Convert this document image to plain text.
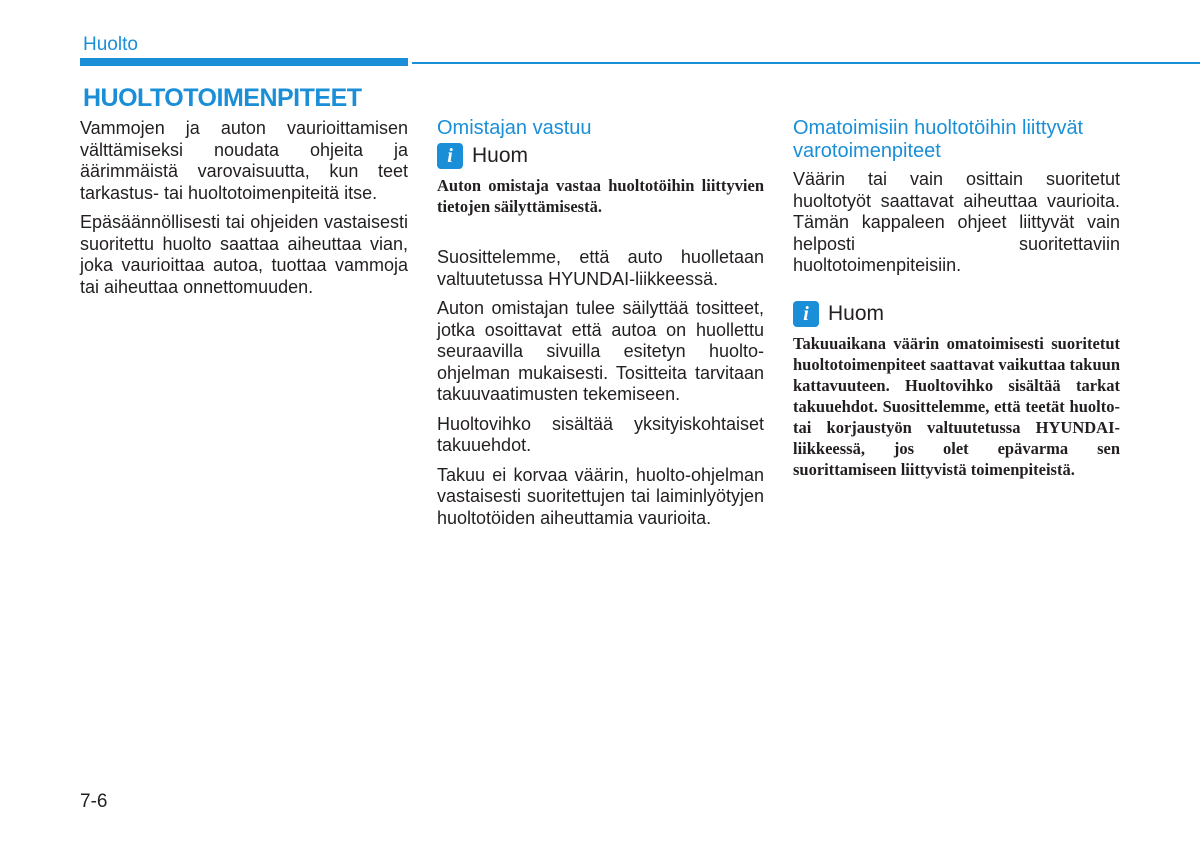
Huolto
HUOLTOTOIMENPITEET

Vammojen ja auton vaurioittamisen välttämiseksi noudata ohjeita ja äärimmäistä varovaisuutta, kun teet tarkastus- tai huoltotoimenpiteitä itse.

Epäsäännöllisesti tai ohjeiden vastaisesti suoritettu huolto saattaa aiheuttaa vian, joka vaurioittaa autoa, tuottaa vammoja tai aiheuttaa onnettomuuden.

Omistajan vastuu
i Huom

Auton omistaja vastaa huoltotöihin liittyvien tietojen säilyttämisestä.

Suosittelemme, että auto huolletaan valtuutetussa HYUNDAI-liikkeessä.

Auton omistajan tulee säilyttää tositteet, jotka osoittavat että autoa on huollettu seuraavilla sivuilla esitetyn huolto-ohjelman mukaisesti. Tositteita tarvitaan takuuvaatimusten tekemiseen.

Huoltovihko sisältää yksityiskohtaiset takuuehdot.

Takuu ei korvaa väärin, huolto-ohjelman vastaisesti suoritettujen tai laiminlyötyjen huoltotöiden aiheuttamia vaurioita.

Omatoimisiin huoltotöihin liittyvät varotoimenpiteet

Väärin tai vain osittain suoritetut huoltotyöt saattavat aiheuttaa vaurioita. Tämän kappaleen ohjeet liittyvät vain helposti suoritettaviin huoltotoimenpiteisiin.

i Huom

Takuuaikana väärin omatoimisesti suoritetut huoltotoimenpiteet saattavat vaikuttaa takuun kattavuuteen. Huoltovihko sisältää tarkat takuuehdot. Suosittelemme, että teetät huolto- tai korjaustyön valtuutetussa HYUNDAI-liikkeessä, jos olet epävarma sen suorittamiseen liittyvistä toimenpiteistä.

7-6
